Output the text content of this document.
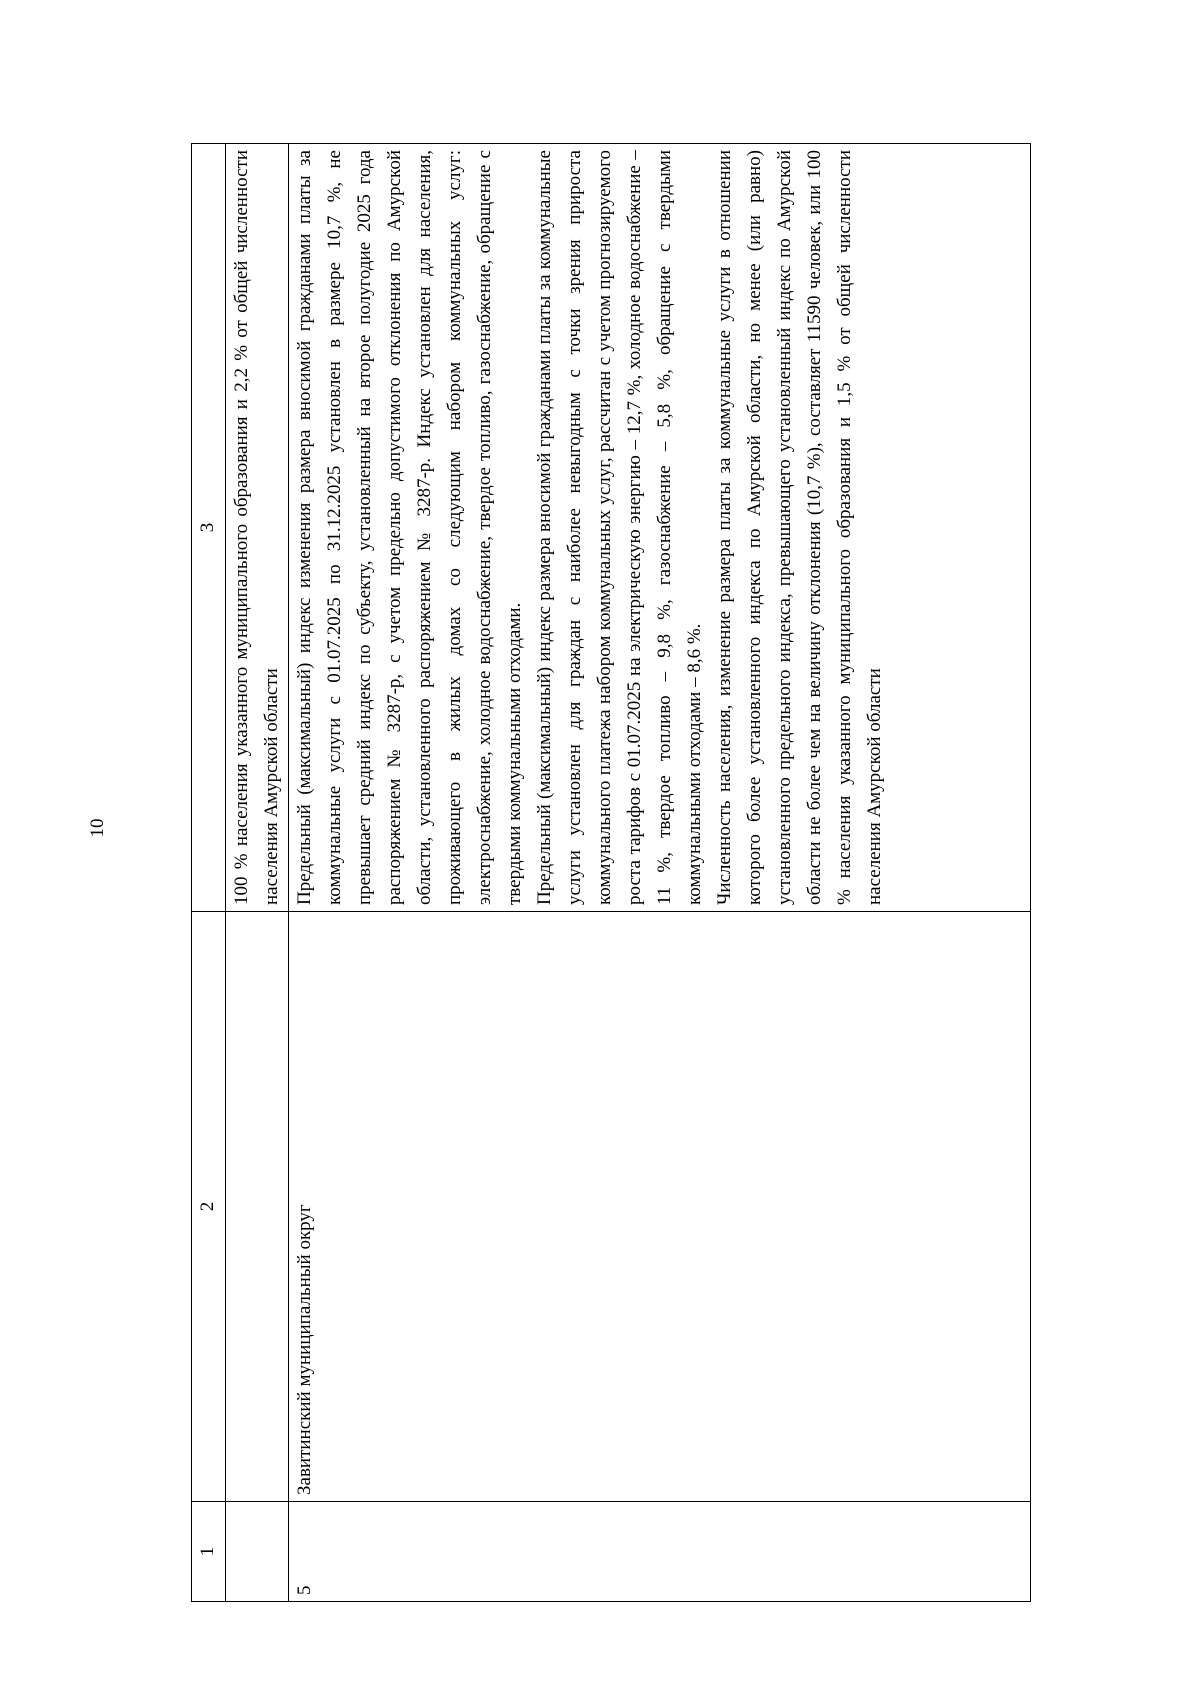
10
1	2	3
		100 % населения указанного муниципального образования и 2,2 % от общей численности населения Амурской области
5	Завитинский муниципальный округ	Предельный (максимальный) индекс изменения размера вносимой гражданами платы за коммунальные услуги с 01.07.2025 по 31.12.2025 установлен в размере 10,7 %, не превышает средний индекс по субъекту, установленный на второе полугодие 2025 года распоряжением № 3287-р, с учетом предельно допустимого отклонения по Амурской области, установленного распоряжением № 3287-р. Индекс установлен для населения, проживающего в жилых домах со следующим набором коммунальных услуг: электроснабжение, холодное водоснабжение, твердое топливо, газоснабжение, обращение с твердыми коммунальными отходами. Предельный (максимальный) индекс размера вносимой гражданами платы за коммунальные услуги установлен для граждан с наиболее невыгодным с точки зрения прироста коммунального платежа набором коммунальных услуг, рассчитан с учетом прогнозируемого роста тарифов с 01.07.2025 на электрическую энергию – 12,7 %, холодное водоснабжение – 11 %, твердое топливо – 9,8 %, газоснабжение – 5,8 %, обращение с твердыми коммунальными отходами – 8,6 %. Численность населения, изменение размера платы за коммунальные услуги в отношении которого более установленного индекса по Амурской области, но менее (или равно) установленного предельного индекса, превышающего установленный индекс по Амурской области не более чем на величину отклонения (10,7 %), составляет 11590 человек, или 100 % населения указанного муниципального образования и 1,5 % от общей численности населения Амурской области
